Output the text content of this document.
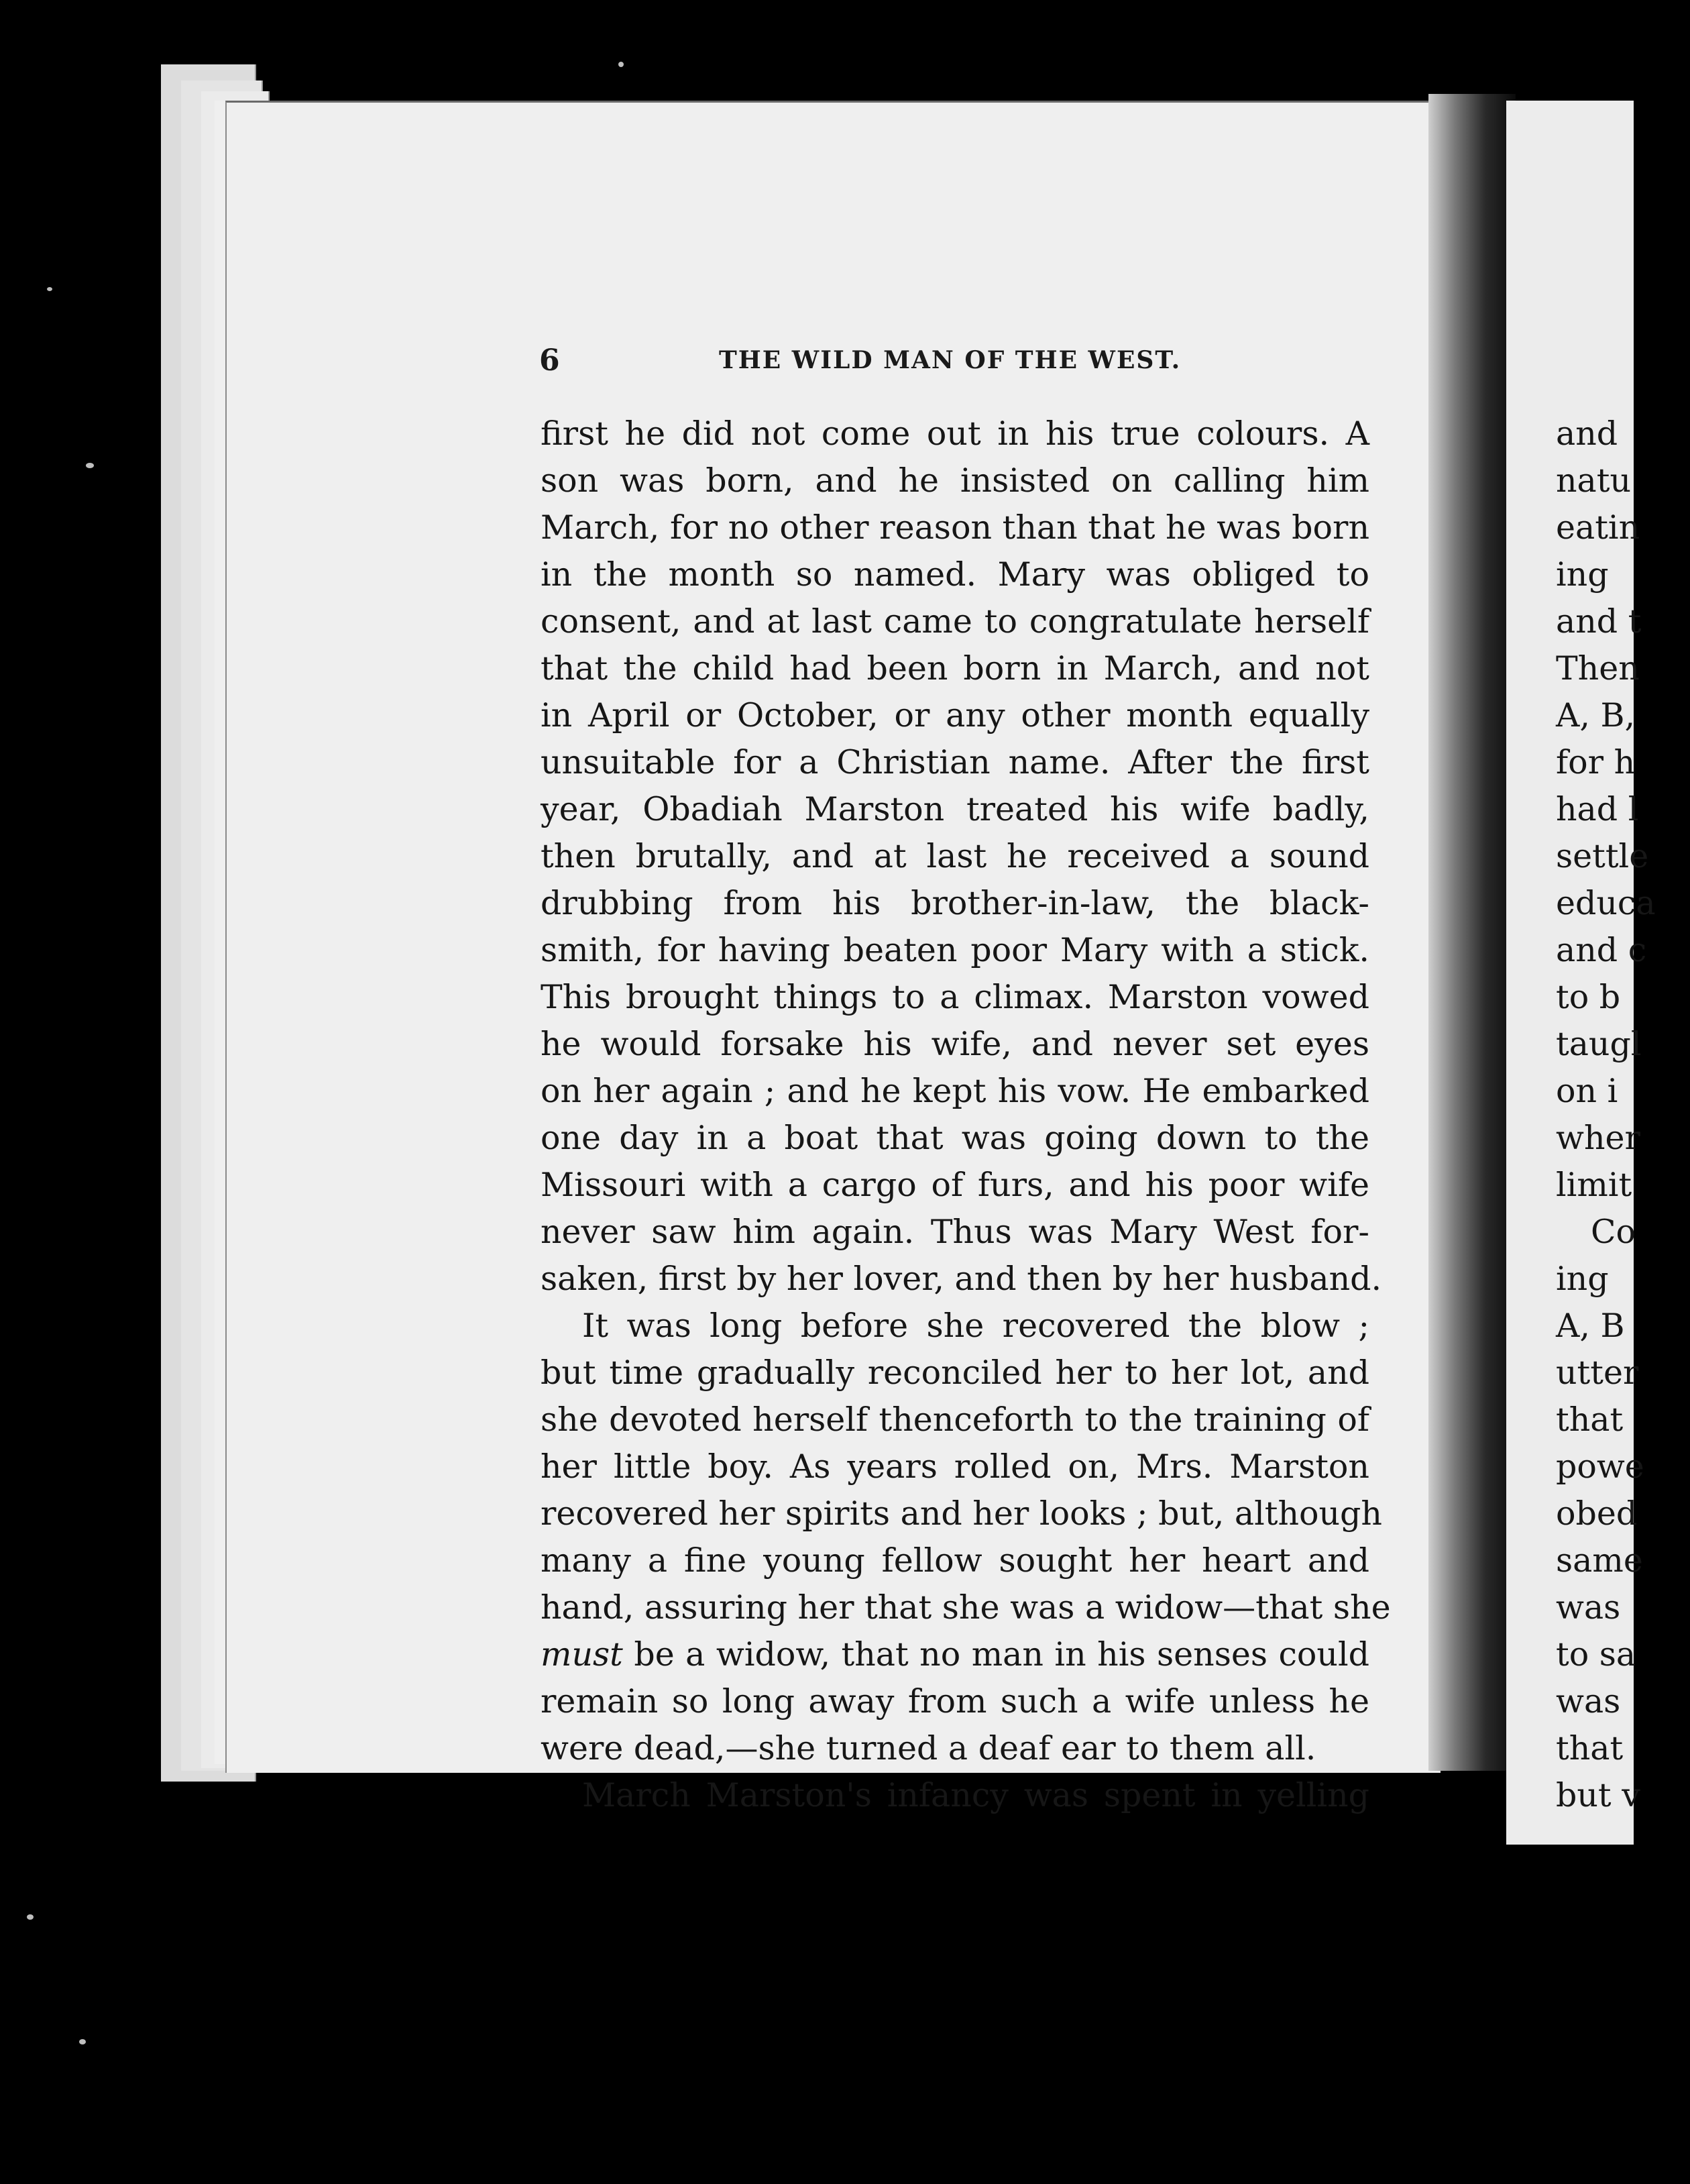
and
natu
eatin
ing
and t
Then
A, B,
for h
had l
settle
educa
and c
to b
taugl
on i
wher
limit
Co
ing
A, B
utter
that
powe
obed
same
was
to sa
was
that
but v
6	THE WILD MAN OF THE WEST.
first he did not come out in his true colours. A
son was born, and he insisted on calling him
March, for no other reason than that he was born
in the month so named. Mary was obliged to
consent, and at last came to congratulate herself
that the child had been born in March, and not
in April or October, or any other month equally
unsuitable for a Christian name. After the first
year, Obadiah Marston treated his wife badly,
then brutally, and at last he received a sound
drubbing from his brother-in-law, the black-
smith, for having beaten poor Mary with a stick.
This brought things to a climax. Marston vowed
he would forsake his wife, and never set eyes
on her again ; and he kept his vow. He embarked
one day in a boat that was going down to the
Missouri with a cargo of furs, and his poor wife
never saw him again. Thus was Mary West for-
saken, first by her lover, and then by her husband.
It was long before she recovered the blow ;
but time gradually reconciled her to her lot, and
she devoted herself thenceforth to the training of
her little boy. As years rolled on, Mrs. Marston
recovered her spirits and her looks ; but, although
many a fine young fellow sought her heart and
hand, assuring her that she was a widow—that she
must be a widow, that no man in his senses could
remain so long away from such a wife unless he
were dead,—she turned a deaf ear to them all.
March Marston's infancy was spent in yelling
